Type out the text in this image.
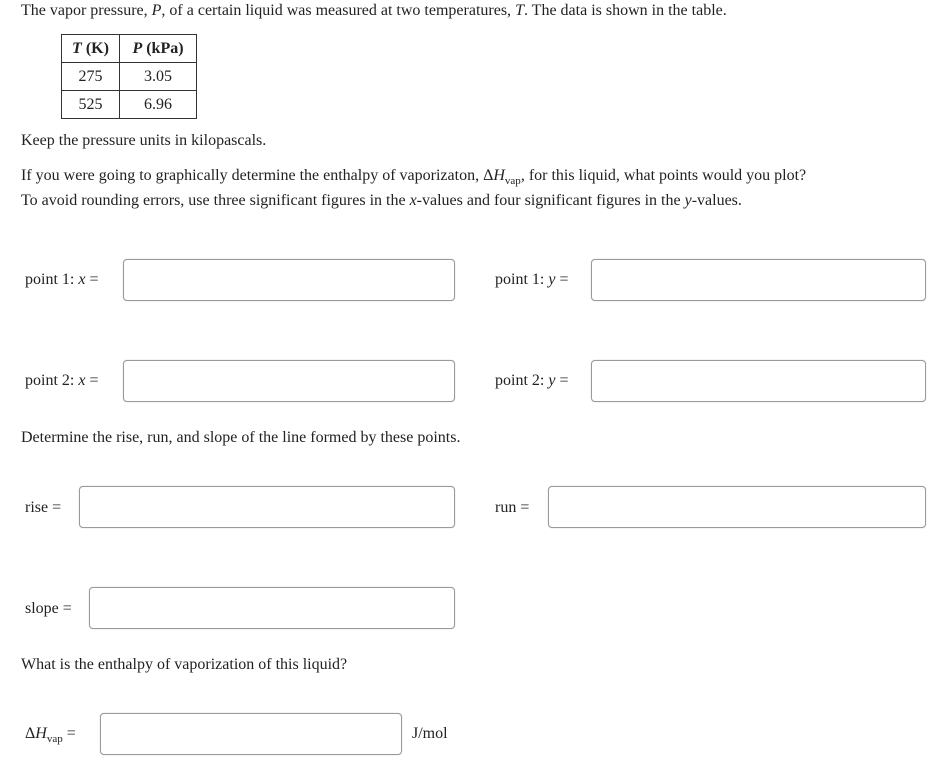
The vapor pressure, P, of a certain liquid was measured at two temperatures, T. The data is shown in the table.
T (K)	P (kPa)
275	3.05
525	6.96
Keep the pressure units in kilopascals.
If you were going to graphically determine the enthalpy of vaporizaton, $\Delta H_{vap}$, for this liquid, what points would you plot?
To avoid rounding errors, use three significant figures in the x-values and four significant figures in the y-values.
point 1: x =	point 1: y =
point 2: x =	point 2: y =
Determine the rise, run, and slope of the line formed by these points.
rise =	run =
slope =
What is the enthalpy of vaporization of this liquid?
$\Delta H_{vap}$ =	J/mol
